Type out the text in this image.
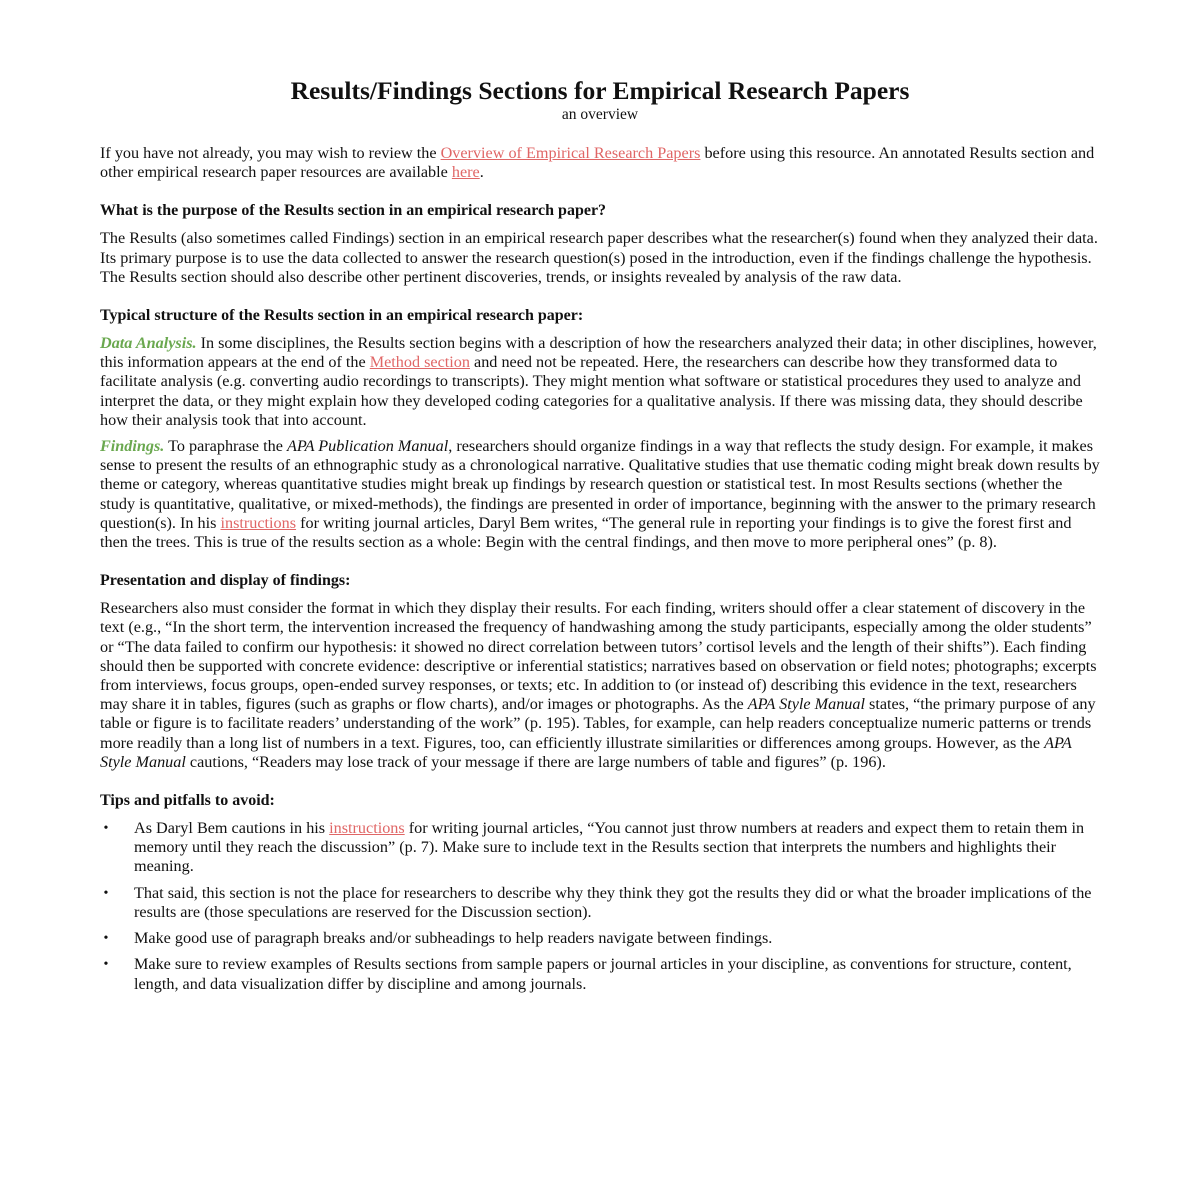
Results/Findings Sections for Empirical Research Papers
an overview

If you have not already, you may wish to review the Overview of Empirical Research Papers before using this resource. An annotated Results section and other empirical research paper resources are available here.

What is the purpose of the Results section in an empirical research paper?

The Results (also sometimes called Findings) section in an empirical research paper describes what the researcher(s) found when they analyzed their data. Its primary purpose is to use the data collected to answer the research question(s) posed in the introduction, even if the findings challenge the hypothesis. The Results section should also describe other pertinent discoveries, trends, or insights revealed by analysis of the raw data.

Typical structure of the Results section in an empirical research paper:

Data Analysis. In some disciplines, the Results section begins with a description of how the researchers analyzed their data; in other disciplines, however, this information appears at the end of the Method section and need not be repeated. Here, the researchers can describe how they transformed data to facilitate analysis (e.g. converting audio recordings to transcripts). They might mention what software or statistical procedures they used to analyze and interpret the data, or they might explain how they developed coding categories for a qualitative analysis. If there was missing data, they should describe how their analysis took that into account.

Findings. To paraphrase the APA Publication Manual, researchers should organize findings in a way that reflects the study design. For example, it makes sense to present the results of an ethnographic study as a chronological narrative. Qualitative studies that use thematic coding might break down results by theme or category, whereas quantitative studies might break up findings by research question or statistical test. In most Results sections (whether the study is quantitative, qualitative, or mixed-methods), the findings are presented in order of importance, beginning with the answer to the primary research question(s). In his instructions for writing journal articles, Daryl Bem writes, “The general rule in reporting your findings is to give the forest first and then the trees. This is true of the results section as a whole: Begin with the central findings, and then move to more peripheral ones” (p. 8).

Presentation and display of findings:

Researchers also must consider the format in which they display their results. For each finding, writers should offer a clear statement of discovery in the text (e.g., “In the short term, the intervention increased the frequency of handwashing among the study participants, especially among the older students” or “The data failed to confirm our hypothesis: it showed no direct correlation between tutors’ cortisol levels and the length of their shifts”). Each finding should then be supported with concrete evidence: descriptive or inferential statistics; narratives based on observation or field notes; photographs; excerpts from interviews, focus groups, open-ended survey responses, or texts; etc. In addition to (or instead of) describing this evidence in the text, researchers may share it in tables, figures (such as graphs or flow charts), and/or images or photographs. As the APA Style Manual states, “the primary purpose of any table or figure is to facilitate readers’ understanding of the work” (p. 195). Tables, for example, can help readers conceptualize numeric patterns or trends more readily than a long list of numbers in a text. Figures, too, can efficiently illustrate similarities or differences among groups. However, as the APA Style Manual cautions, “Readers may lose track of your message if there are large numbers of table and figures” (p. 196).

Tips and pitfalls to avoid:
• As Daryl Bem cautions in his instructions for writing journal articles, “You cannot just throw numbers at readers and expect them to retain them in memory until they reach the discussion” (p. 7). Make sure to include text in the Results section that interprets the numbers and highlights their meaning.
• That said, this section is not the place for researchers to describe why they think they got the results they did or what the broader implications of the results are (those speculations are reserved for the Discussion section).
• Make good use of paragraph breaks and/or subheadings to help readers navigate between findings.
• Make sure to review examples of Results sections from sample papers or journal articles in your discipline, as conventions for structure, content, length, and data visualization differ by discipline and among journals.
